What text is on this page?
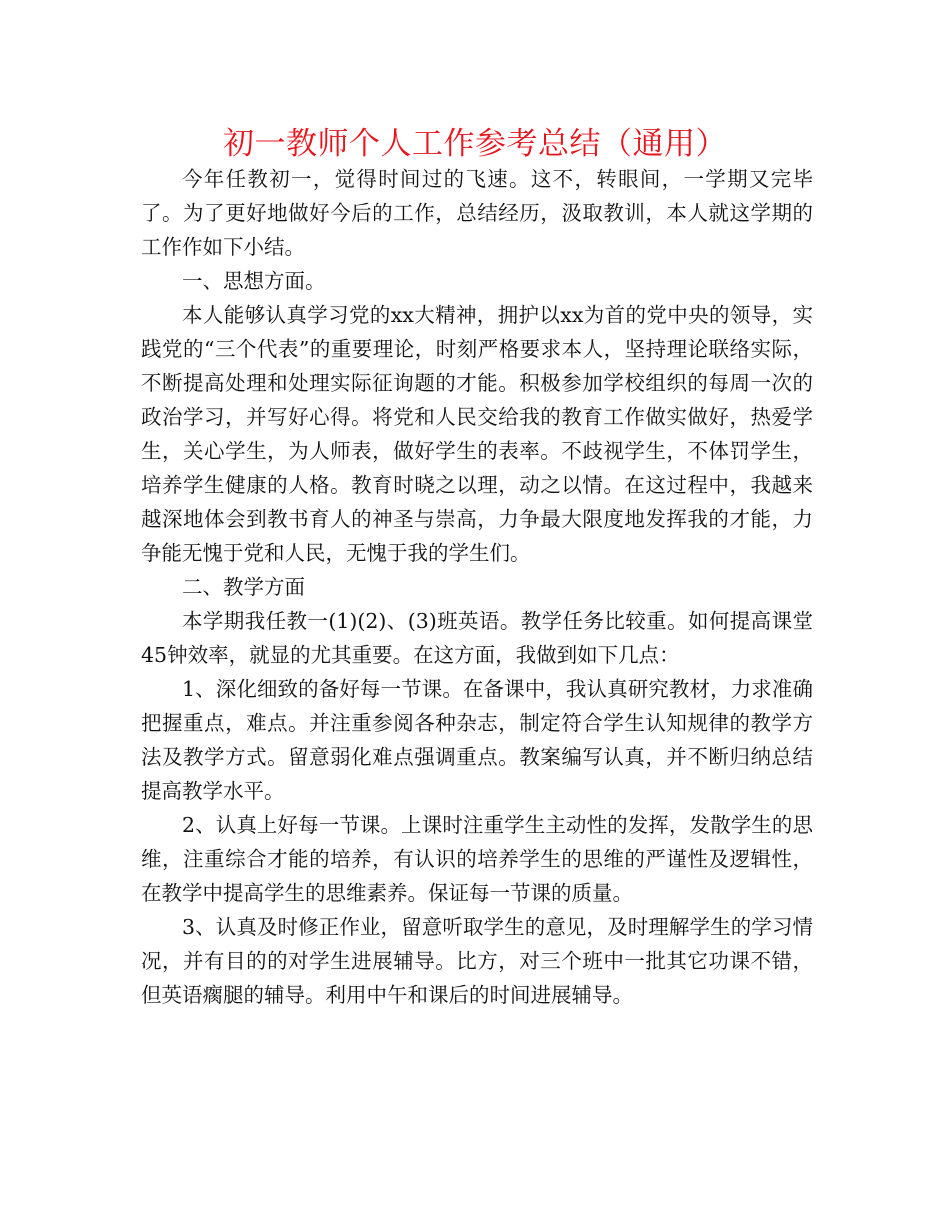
初一教师个人工作参考总结（通用）

今年任教初一，觉得时间过的飞速。这不，转眼间，一学期又完毕了。为了更好地做好今后的工作，总结经历，汲取教训，本人就这学期的工作作如下小结。

一、思想方面。

本人能够认真学习党的xx大精神，拥护以xx为首的党中央的领导，实践党的“三个代表”的重要理论，时刻严格要求本人，坚持理论联络实际，不断提高处理和处理实际征询题的才能。积极参加学校组织的每周一次的政治学习，并写好心得。将党和人民交给我的教育工作做实做好，热爱学生，关心学生，为人师表，做好学生的表率。不歧视学生，不体罚学生，培养学生健康的人格。教育时晓之以理，动之以情。在这过程中，我越来越深地体会到教书育人的神圣与崇高，力争最大限度地发挥我的才能，力争能无愧于党和人民，无愧于我的学生们。

二、教学方面

本学期我任教一(1)(2)、(3)班英语。教学任务比较重。如何提高课堂45钟效率，就显的尤其重要。在这方面，我做到如下几点：

1、深化细致的备好每一节课。在备课中，我认真研究教材，力求准确把握重点，难点。并注重参阅各种杂志，制定符合学生认知规律的教学方法及教学方式。留意弱化难点强调重点。教案编写认真，并不断归纳总结提高教学水平。

2、认真上好每一节课。上课时注重学生主动性的发挥，发散学生的思维，注重综合才能的培养，有认识的培养学生的思维的严谨性及逻辑性，在教学中提高学生的思维素养。保证每一节课的质量。

3、认真及时修正作业，留意听取学生的意见，及时理解学生的学习情况，并有目的的对学生进展辅导。比方，对三个班中一批其它功课不错，但英语瘸腿的辅导。利用中午和课后的时间进展辅导。
